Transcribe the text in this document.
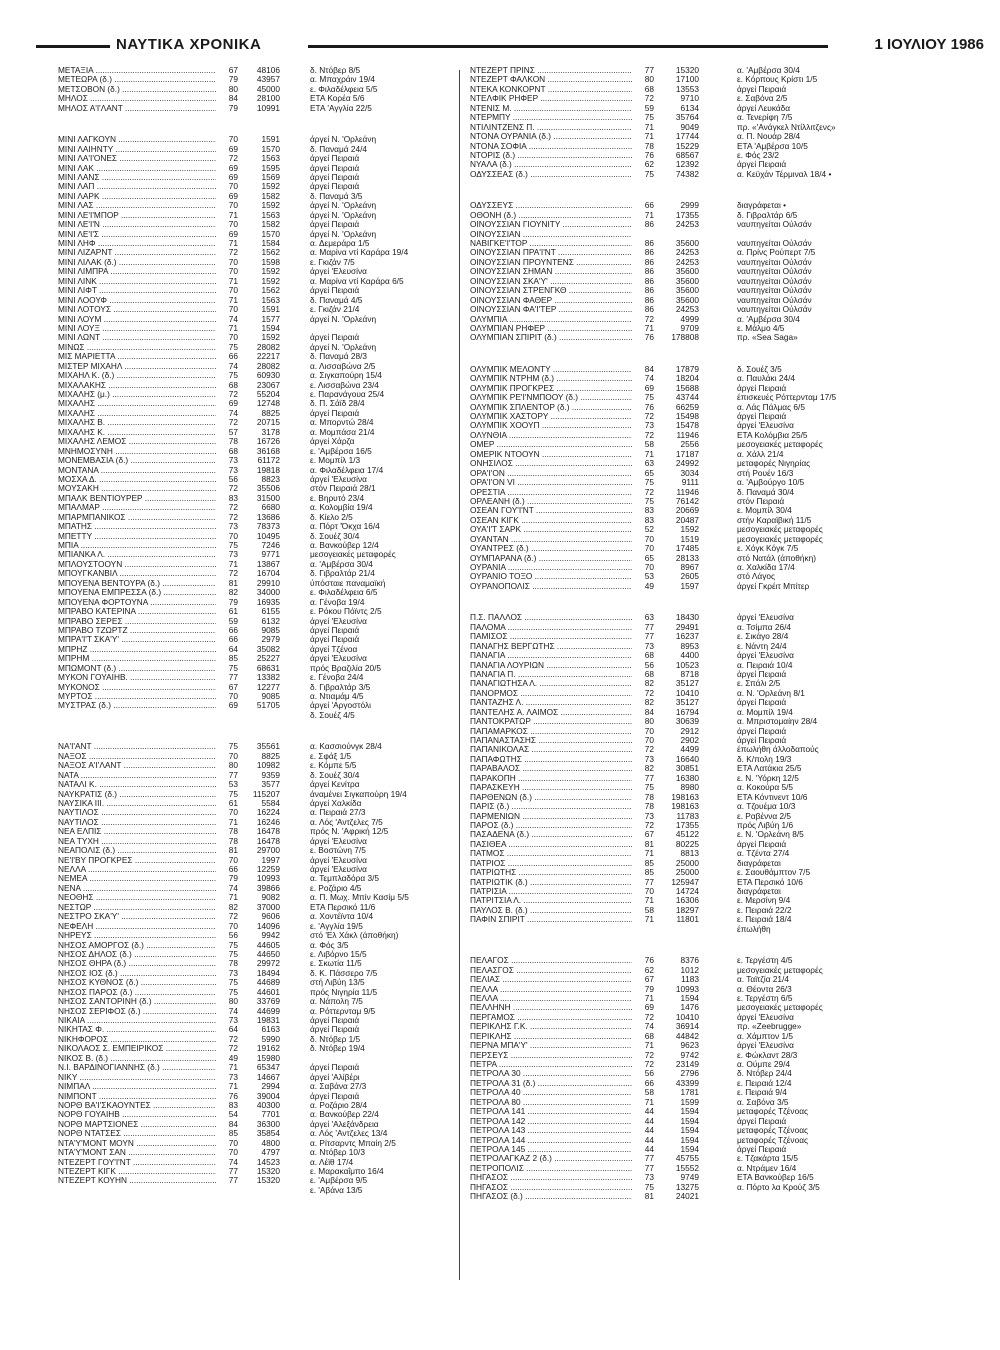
ΝΑΥΤΙΚΑ ΧΡΟΝΙΚΑ	1 ΙΟΥΛΙΟΥ 1986
ΜΕΤΑΞΙΑ .....	67	48106	δ. Ντόβερ 8/5
ΜΕΤΕΩΡΑ (δ.) .....	79	43957	α. Μπαχράιν 19/4
ΜΕΤΣΟΒΟΝ (δ.) .....	80	45000	ε. Φιλαδέλφεια 5/5
ΜΗΛΟΣ .....	84	28100	ΕΤΑ Κορέα 5/6
ΜΗΛΟΣ Α'Ι'ΛΑΝΤ .....	79	10991	ΕΤΑ 'Αγγλία 22/5
ΜΙΝΙ ΛΑΓΚΟΥΝ .....	70	1591	άργεί Ν. 'Ορλεάνη
ΜΙΝΙ ΛΑΙΗΝΤΥ .....	69	1570	δ. Παναμά 24/4
ΜΙΝΙ ΛΑ'Ι'ΟΝΕΣ .....	72	1563	άργεί Πειραιά
ΜΙΝΙ ΛΑΚ .....	69	1595	άργεί Πειραιά
ΜΙΝΙ ΛΑΝΣ .....	69	1569	άργεί Πειραιά
ΜΙΝΙ ΛΑΠ .....	70	1592	άργεί Πειραιά
ΜΙΝΙ ΛΑΡΚ .....	69	1582	δ. Παναμά 3/5
ΜΙΝΙ ΛΑΣ .....	70	1592	άργεί Ν. 'Ορλεάνη
ΜΙΝΙ ΛΕ'Ι'ΜΠΟΡ .....	71	1563	άργεί Ν. 'Ορλεάνη
ΜΙΝΙ ΛΕ'Ι'Ν .....	70	1582	άργεί Πειραιά
ΜΙΝΙ ΛΕ'Ι'Σ .....	69	1570	άργεί Ν. 'Ορλεάνη
ΜΙΝΙ ΛΗΦ .....	71	1584	α. Δεμεράρα 1/5
ΜΙΝΙ ΛΙΖΑΡΝΤ .....	72	1562	α. Μαρίνα ντί Καράρα 19/4
ΜΙΝΙ ΛΙΛΑΚ (δ.) .....	70	1598	ε. Γκιζάν 7/5
ΜΙΝΙ ΛΙΜΠΡΑ .....	70	1592	άργεί 'Ελευσίνα
ΜΙΝΙ ΛΙΝΚ .....	71	1592	α. Μαρίνα ντί Καράρα 6/5
ΜΙΝΙ ΛΙΦΤ .....	70	1562	άργεί Πειραιά
ΜΙΝΙ ΛΟΟΥΦ .....	71	1563	δ. Παναμά 4/5
ΜΙΝΙ ΛΟΤΟΥΣ .....	70	1591	ε. Γκιζάν 21/4
ΜΙΝΙ ΛΟΥΜ .....	74	1577	άργεί Ν. 'Ορλεάνη
ΜΙΝΙ ΛΟΥΞ .....	71	1594
ΜΙΝΙ ΛΩΝΤ .....	70	1592	άργεί Πειραιά
ΜΙΝΩΣ .....	75	28082	άργεί Ν. 'Ορλεάνη
ΜΙΣ ΜΑΡΙΕΤΤΑ .....	66	22217	δ. Παναμά 28/3
ΜΙΣΤΕΡ ΜΙΧΑΗΛ .....	74	28082	α. Λισσαβώνα 2/5
ΜΙΧΑΗΛ Κ. (δ.) .....	75	60930	α. Σιγκαπούρη 15/4
ΜΙΧΑΛΑΚΗΣ .....	68	23067	ε. Λισσαβώνα 23/4
ΜΙΧΑΛΗΣ (μ.) .....	72	55204	ε. Παρανάγουα 25/4
ΜΙΧΑΛΗΣ .....	69	12748	δ. Π. Σάϊδ 28/4
ΜΙΧΑΛΗΣ .....	74	8825	άργεί Πειραιά
ΜΙΧΑΛΗΣ Β. .....	72	20715	α. Μπορντώ 28/4
ΜΙΧΑΛΗΣ Κ. .....	57	3178	α. Μομπάσα 21/4
ΜΙΧΑΛΗΣ ΛΕΜΟΣ .....	78	16726	άργεί Χάρζα
ΜΝΗΜΟΣΥΝΗ .....	68	36168	ε. 'Αμβέρσα 16/5
ΜΟΝΕΜΒΑΣΙΑ (δ.) .....	73	61172	ε. Μομπίλ 1/3
ΜΟΝΤΑΝΑ .....	73	19818	α. Φιλαδέλφεια 17/4
ΜΟΣΧΑ Δ. .....	56	8823	άργεί 'Ελευσίνα
ΜΟΥΣΑΚΗ .....	72	35506	στόν Πειραιά 28/1
ΜΠΑΛΚ ΒΕΝΤΙΟΥΡΕΡ .....	83	31500	ε. Βηρυτό 23/4
ΜΠΑΛΜΑΡ .....	72	6680	α. Κολομβία 19/4
ΜΠΑΡΜΠΑΝΙΚΟΣ .....	72	13686	δ. Κίελο 2/5
ΜΠΑΤΗΣ .....	73	78373	α. Πόρτ 'Όκχα 16/4
ΜΠΕΤΤΥ .....	70	10495	δ. Σουέζ 30/4
ΜΠΙΑ .....	75	7246	α. Βανκούβερ 12/4
ΜΠΙΑΝΚΑ Λ. .....	73	9771	μεσογειακές μεταφορές
ΜΠΛΟΥΣΤΟΟΥΝ .....	71	13867	α. 'Αμβέρσα 30/4
ΜΠΟΥΓΚΑΝΒΙΛ .....	72	16704	δ. Γιβραλτάρ 21/4
ΜΠΟΥΕΝΑ ΒΕΝΤΟΥΡΑ (δ.) .....	81	29910	ύπόσταιε παναμαϊκή
ΜΠΟΥΕΝΑ ΕΜΠΡΕΣΣΑ (δ.) .....	82	34000	ε. Φιλαδέλφεια 6/5
ΜΠΟΥΕΝΑ ΦΟΡΤΟΥΝΑ .....	79	16935	α. Γένοβα 19/4
ΜΠΡΑΒΟ ΚΑΤΕΡΙΝΑ .....	61	6155	ε. Ρόκου Πόϊντς 2/5
ΜΠΡΑΒΟ ΣΕΡΕΣ .....	59	6132	άργεί 'Ελευσίνα
ΜΠΡΑΒΟ ΤΖΩΡΤΖ .....	66	9085	άργεί Πειραιά
ΜΠΡΑ'Ι'Τ ΣΚΑ'Υ' .....	66	2979	άργεί Πειραιά
ΜΠΡΗΖ .....	64	35082	άργεί Τζένοα
ΜΠΡΗΜ .....	85	25227	άργεί 'Ελευσίνα
ΜΠΩΜΟΝΤ (δ.) .....	75	68631	πρός Βραζιλία 20/5
ΜΥΚΟΝ ΓΟΥΑΙΗΒ. .....	77	13382	ε. Γένοβα 24/4
ΜΥΚΟΝΟΣ .....	67	12277	δ. Γιβραλτάρ 3/5
ΜΥΡΤΟΣ .....	70	9085	α. Ντιαμάμ 4/5
ΜΥΣΤΡΑΣ (δ.) .....	69	51705	άργεί 'Αργοστόλι
δ. Σουέζ 4/5
ΝΑ'Ι'ΑΝΤ .....	75	35561	α. Κασσιούνγκ 28/4
ΝΑΞΟΣ .....	70	8825	ε. Σφάξ 1/5
ΝΑΞΟΣ Α'Ι'ΛΑΝΤ .....	80	10982	ε. Κόμπε 5/5
ΝΑΤΑ .....	77	9359	δ. Σουέζ 30/4
ΝΑΤΑΛΙ Κ. .....	53	3577	άργεί Κενίτρα
ΝΑΥΚΡΑΤΙΣ (δ.) .....	75	115207	άναμένει Σιγκαπούρη 19/4
ΝΑΥΣΙΚΑ ΙΙΙ. .....	61	5584	άργεί Χαλκίδα
ΝΑΥΤΙΛΟΣ .....	70	16224	α. Πειραιά 27/3
ΝΑΥΤΙΛΟΣ .....	71	16246	α. Λός 'Αντζελες 7/5
ΝΕΑ ΕΛΠΙΣ .....	78	16478	πρός Ν. 'Αφρική 12/5
ΝΕΑ ΤΥΧΗ .....	78	16478	άργεί 'Ελευσίνα
ΝΕΑΠΟΛΙΣ (δ.) .....	81	29700	ε. Βοστώνη 7/5
ΝΕ'Ι'ΒΥ ΠΡΟΓΚΡΕΣ .....	70	1997	άργεί 'Ελευσίνα
ΝΕΛΛΑ .....	66	12259	άργεί 'Ελευσίνα
ΝΕΜΕΑ .....	79	10993	α. Τεμπλαδόρα 3/5
ΝΕΝΑ .....	74	39866	ε. Ροζάριο 4/5
ΝΕΟΘΗΣ .....	71	9082	α. Π. Μωχ. Μπίν Κασίμ 5/5
ΝΕΣΤΩΡ .....	82	37000	ΕΤΑ Περσικό 11/6
ΝΕΣΤΡΟ ΣΚΑ'Υ' .....	72	9606	α. Χοντέϊντα 10/4
ΝΕΦΕΛΗ .....	70	14096	ε. 'Αγγλία 19/5
ΝΗΡΕΥΣ .....	56	9942	στό 'Ελ Χάκλ (άποθήκη)
ΝΗΣΟΣ ΑΜΟΡΓΟΣ (δ.) .....	75	44605	α. Φός 3/5
ΝΗΣΟΣ ΔΗΛΟΣ (δ.) .....	75	44650	ε. Λιβόρνο 15/5
ΝΗΣΟΣ ΘΗΡΑ (δ.) .....	78	29972	ε. Σκωτία 11/5
ΝΗΣΟΣ ΙΟΣ (δ.) .....	73	18494	δ. Κ. Πάσσερο 7/5
ΝΗΣΟΣ ΚΥΘΝΟΣ (δ.) .....	75	44689	στή Λιβύη 13/5
ΝΗΣΟΣ ΠΑΡΟΣ (δ.) .....	75	44601	πρός Νιγηρία 11/5
ΝΗΣΟΣ ΣΑΝΤΟΡΙΝΗ (δ.) .....	80	33769	α. Νάπολη 7/5
ΝΗΣΟΣ ΣΕΡΙΦΟΣ (δ.) .....	74	44699	α. Ρόττερνταμ 9/5
ΝΙΚΑΙΑ .....	73	19831	άργεί Πειραιά
ΝΙΚΗΤΑΣ Φ. .....	64	6163	άργεί Πειραιά
ΝΙΚΗΦΟΡΟΣ .....	72	5990	δ. Ντόβερ 1/5
ΝΙΚΟΛΑΟΣ Σ. ΕΜΠΕΙΡΙΚΟΣ .....	72	19162	δ. Ντόβερ 19/4
ΝΙΚΟΣ Β. (δ.) .....	49	15980
Ν.Ι. ΒΑΡΔΙΝΟΓΙΑΝΝΗΣ (δ.) .....	71	65347	άργεί Πειραιά
ΝΙΚΥ .....	73	14667	άργεί 'Αλίβέρι
ΝΙΜΠΑΛ .....	71	2994	α. Σαβάνα 27/3
ΝΙΜΠΟΝΤ .....	76	39004	άργεί Πειραιά
ΝΟΡΘ ΒΑ'Ι'ΣΚΑΟΥΝΤΕΣ .....	83	40300	α. Ροζάριο 28/4
ΝΟΡΘ ΓΟΥΑΙΗΒ .....	54	7701	α. Βανκούβερ 22/4
ΝΟΡΘ ΜΑΡΤΣΙΟΝΕΣ .....	84	36300	άργεί 'Αλεξάνδρεια
ΝΟΡΘ ΝΤΑΤΣΕΣ .....	85	35854	α. Λός 'Αντζελες 13/4
ΝΤΑ'Υ'ΜΟΝΤ ΜΟΥΝ .....	70	4800	α. Ρίτσαρντς Μπαίη 2/5
ΝΤΑ'Υ'ΜΟΝΤ ΣΑΝ .....	70	4797	α. Ντόβερ 10/3
ΝΤΕΖΕΡΤ ΓΟΥ'Ι'ΝΤ .....	74	14523	α. Λέϊθ 17/4
ΝΤΕΖΕΡΤ ΚΙΓΚ .....	77	15320	ε. Μαρακαΐμπο 16/4
ΝΤΕΖΕΡΤ ΚΟΥΗΝ .....	77	15320	ε. 'Αμβέρσα 9/5
ε. 'Αβάνα 13/5
ΝΤΕΖΕΡΤ ΠΡΙΝΣ .....	77	15320	α. 'Αμβέρσα 30/4
ΝΤΕΖΕΡΤ ΦΑΛΚΟΝ .....	80	17100	ε. Κόρπους Κρίστι 1/5
ΝΤΕΚΑ ΚΟΝΚΟΡΝΤ .....	68	13553	άργεί Πειραιά
ΝΤΕΛΦΙΚ ΡΗΦΕΡ .....	72	9710	ε. Σαβόνα 2/5
ΝΤΕΝΙΣ Μ. .....	59	6134	άργεί Λευκάδα
ΝΤΕΡΜΠΥ .....	75	35764	α. Τενερίφη 7/5
ΝΤΙΛΙΝΤΖΕΝΣ Π. .....	71	9049	πρ. «'Ανάγκελ Ντίλλιτζενς»
ΝΤΟΝΑ ΟΥΡΑΝΙΑ (δ.) .....	71	17744	α. Π. Νουάρ 28/4
ΝΤΟΝΑ ΣΟΦΙΑ .....	78	15229	ΕΤΑ 'Αμβέρσα 10/5
ΝΤΟΡΙΣ (δ.) .....	76	68567	ε. Φός 23/2
ΝΥΑΛΑ (δ.) .....	62	12392	άργεί Πειραιά
ΟΔΥΣΣΕΑΣ (δ.) .....	75	74382	α. Κεϋχάν Τέρμιναλ 18/4 •
ΟΔΥΣΣΕΥΣ .....	66	2999	διαγράφεται •
ΟΘΟΝΗ (δ.) .....	71	17355	δ. Γιβραλτάρ 6/5
ΟΙΝΟΥΣΣΙΑΝ ΓΙΟΥΝΙΤΥ .....	86	24253	ναυπηγείται Ούλσάν
ΟΙΝΟΥΣΣΙΑΝ .....
ΝΑΒΙΓΚΕ'Ι'ΤΟΡ .....	86	35600	ναυπηγείται Ούλσάν
ΟΙΝΟΥΣΣΙΑΝ ΠΡΑ'Ι'ΝΤ .....	86	24253	α. Πρίνς Ρούπερτ 7/5
ΟΙΝΟΥΣΣΙΑΝ ΠΡΟΥΝΤΕΝΣ .....	86	24253	ναυπηγείται Ούλσάν
ΟΙΝΟΥΣΣΙΑΝ ΣΗΜΑΝ .....	86	35600	ναυπηγείται Ούλσάν
ΟΙΝΟΥΣΣΙΑΝ ΣΚΑ'Υ' .....	86	35600	ναυπηγείται Ούλσάν
ΟΙΝΟΥΣΣΙΑΝ ΣΤΡΕΝΓΚΘ .....	86	35600	ναυπηγείται Ούλσάν
ΟΙΝΟΥΣΣΙΑΝ ΦΑΘΕΡ .....	86	35600	ναυπηγείται Ούλσάν
ΟΙΝΟΥΣΣΙΑΝ ΦΑ'Ι'ΤΕΡ .....	86	24253	ναυπηγείται Ούλσάν
ΟΛΥΜΠΙΑ .....	72	4999	α. 'Αμβέρσα 30/4
ΟΛΥΜΠΙΑΝ ΡΗΦΕΡ .....	71	9709	ε. Μάλμο 4/5
ΟΛΥΜΠΙΑΝ ΣΠΙΡΙΤ (δ.) .....	76	178808	πρ. «Sea Saga»
ΟΛΥΜΠΙΚ ΜΕΛΟΝΤΥ .....	84	17879	δ. Σουέζ 3/5
ΟΛΥΜΠΙΚ ΝΤΡΗΜ (δ.) .....	74	18204	α. Παυλάκι 24/4
ΟΛΥΜΠΙΚ ΠΡΟΓΚΡΕΣ .....	69	15688	άργεί Πειραιά
ΟΛΥΜΠΙΚ ΡΕ'Ι'ΝΜΠΟΟΥ (δ.) .....	75	43744	έπισκευές Ρόττερνταμ 17/5
ΟΛΥΜΠΙΚ ΣΠΛΕΝΤΟΡ (δ.) .....	76	66259	α. Λάς Πάλμας 6/5
ΟΛΥΜΠΙΚ ΧΑΣΤΟΡΥ .....	72	15498	άργεί Πειραιά
ΟΛΥΜΠΙΚ ΧΟΟΥΠ .....	73	15478	άργεί 'Ελευσίνα
ΟΛΥΝΘΙΑ .....	72	11946	ΕΤΑ Κολόμβια 25/5
ΟΜΕΡ .....	58	2556	μεσογειακές μεταφορές
ΟΜΕΡΙΚ ΝΤΟΟΥΝ .....	71	17187	α. Χάλλ 21/4
ΟΝΗΣΙΛΟΣ .....	63	24992	μεταφορές Νιγηρίας
ΟΡΑ'Ι'ΟΝ .....	65	3034	στή Ρουέν 16/3
ΟΡΑ'Ι'ΟΝ VI .....	75	9111	α. 'Αμβούργο 10/5
ΟΡΕΣΤΙΑ .....	72	11946	δ. Παναμά 30/4
ΟΡΛΕΑΝΗ (δ.) .....	75	76142	στόν Πειραιά
ΟΣΕΑΝ ΓΟΥ'Ι'ΝΤ .....	83	20669	ε. Μομπίλ 30/4
ΟΣΕΑΝ ΚΙΓΚ .....	83	20487	στήν Καραϊβική 11/5
ΟΥΑ'Ι'Τ ΣΑΡΚ .....	52	1592	μεσογειακές μεταφορές
ΟΥΑΝΤΑΝ .....	70	1519	μεσογειακές μεταφορές
ΟΥΑΝΤΡΕΣ (δ.) .....	70	17485	ε. Χόγκ Κόγκ 7/5
ΟΥΜΠΑΡΑΝΑ (δ.) .....	65	28133	στό Νατάλ (άποθήκη)
ΟΥΡΑΝΙΑ .....	70	8967	α. Χαλκίδα 17/4
ΟΥΡΑΝΙΟ ΤΟΞΟ .....	53	2605	στό Λάγος
ΟΥΡΑΝΟΠΟΛΙΣ .....	49	1597	άργεί Γκρέιτ Μπίτερ
Π.Σ. ΠΑΛΛΟΣ .....	63	18430	άργεί 'Ελευσίνα
ΠΑΛΟΜΑ .....	77	29491	α. Τσίμπα 26/4
ΠΑΜΙΣΟΣ .....	77	16237	ε. Σικάγο 28/4
ΠΑΝΑΓΗΣ ΒΕΡΓΩΤΗΣ .....	73	8953	ε. Νάντη 24/4
ΠΑΝΑΓΙΑ .....	68	4400	άργεί 'Ελευσίνα
ΠΑΝΑΓΙΑ ΛΟΥΡΙΩΝ .....	56	10523	α. Πειραιά 10/4
ΠΑΝΑΓΙΑ Π. .....	68	8718	άργεί Πειραιά
ΠΑΝΑΓΙΩΤΗΣΑ Λ. .....	82	35127	ε. Σπάλι 2/5
ΠΑΝΟΡΜΟΣ .....	72	10410	α. Ν. 'Ορλεάνη 8/1
ΠΑΝΤΑΖΗΣ Λ. .....	82	35127	άργεί Πειραιά
ΠΑΝΤΕΛΗΣ Α. ΛΑΙΜΟΣ .....	84	16794	α. Μομπίλ 19/4
ΠΑΝΤΟΚΡΑΤΩΡ .....	80	30639	α. Μπριστομαίην 28/4
ΠΑΠΑΜΑΡΚΟΣ .....	70	2912	άργεί Πειραιά
ΠΑΠΑΝΑΣΤΑΣΗΣ .....	70	2902	άργεί Πειραιά
ΠΑΠΑΝΙΚΟΛΑΣ .....	72	4499	έπωλήθη άλλοδαπούς
ΠΑΠΑΦΩΤΗΣ .....	73	16640	δ. Κ/πολη 19/3
ΠΑΡΑΒΑΛΟΣ .....	82	30851	ΕΤΑ Λατάκια 25/5
ΠΑΡΑΚΟΠΗ .....	77	16380	ε. Ν. 'Υόρκη 12/5
ΠΑΡΑΣΚΕΥΗ .....	75	8980	α. Κοκούρα 5/5
ΠΑΡΘΕΝΩΝ (δ.) .....	78	198163	ΕΤΑ Κόντινεντ 10/6
ΠΑΡΙΣ (δ.) .....	78	198163	α. Τζουέμα 10/3
ΠΑΡΜΕΝΙΩΝ .....	73	11783	ε. Ραβέννα 2/5
ΠΑΡΟΣ (δ.) .....	72	17355	πρός Λιβύη 1/6
ΠΑΣΑΔΕΝΑ (δ.) .....	67	45122	ε. Ν. 'Ορλεάνη 8/5
ΠΑΣΙΘΕΑ .....	81	80225	άργεί Πειραιά
ΠΑΤΜΟΣ .....	71	8813	α. Τζέντα 27/4
ΠΑΤΡΙΟΣ .....	85	25000	διαγράφεται
ΠΑΤΡΙΩΤΗΣ .....	85	25000	ε. Σαουθάμπτον 7/5
ΠΑΤΡΙΩΤΙΚ (δ.) .....	77	125947	ΕΤΑ Περσικό 10/6
ΠΑΤΡΙΣΙΑ .....	70	14724	διαγράφεται
ΠΑΤΡΙΤΣΙΑ Λ. .....	71	16306	ε. Μερσίνη 9/4
ΠΑΥΛΟΣ Β. (δ.) .....	58	18297	ε. Πειραιά 22/2
ΠΑΦΙΝ ΣΠΙΡΙΤ .....	71	11801	ε. Πειραιά 18/4
έπωλήθη
ΠΕΛΑΓΟΣ .....	76	8376	ε. Τεργέστη 4/5
ΠΕΛΑΣΓΟΣ .....	62	1012	μεσογειακές μεταφορές
ΠΕΛΙΑΣ .....	67	1183	α. Ταϊτζία 21/4
ΠΕΛΛΑ .....	79	10993	α. Θέοντα 26/3
ΠΕΛΛΑ .....	71	1594	ε. Τεργέστη 6/5
ΠΕΛΛΗΝΗ .....	69	1476	μεσογειακές μεταφορές
ΠΕΡΓΑΜΟΣ .....	72	10410	άργεί 'Ελευσίνα
ΠΕΡΙΚΛΗΣ Γ.Κ. .....	74	36914	πρ. «Zeebrugge»
ΠΕΡΙΚΛΗΣ .....	68	44842	α. Χάμπτον 1/5
ΠΕΡΝΑ ΜΠΑ'Υ' .....	71	9623	άργεί 'Ελευσίνα
ΠΕΡΣΕΥΣ .....	72	9742	ε. Φώκλαντ 28/3
ΠΕΤΡΑ .....	72	23149	α. Ούμπε 29/4
ΠΕΤΡΟΛΑ 30 .....	56	2796	δ. Ντόβερ 24/4
ΠΕΤΡΟΛΑ 31 (δ.) .....	66	43399	ε. Πειραιά 12/4
ΠΕΤΡΟΛΑ 40 .....	58	1781	ε. Πειραιά 9/4
ΠΕΤΡΟΛΑ 80 .....	71	1599	α. Σαβόνα 3/5
ΠΕΤΡΟΛΑ 141 .....	44	1594	μεταφορές Τζένοας
ΠΕΤΡΟΛΑ 142 .....	44	1594	άργεί Πειραιά
ΠΕΤΡΟΛΑ 143 .....	44	1594	μεταφορές Τζένοας
ΠΕΤΡΟΛΑ 144 .....	44	1594	μεταφορές Τζένοας
ΠΕΤΡΟΛΑ 145 .....	44	1594	άργεί Πειραιά
ΠΕΤΡΟΛΑΓΚΑΖ 2 (δ.) .....	77	45755	ε. Τζακάρτα 15/5
ΠΕΤΡΟΠΟΛΙΣ .....	77	15552	α. Ντράμεν 16/4
ΠΗΓΑΣΟΣ .....	73	9749	ΕΤΑ Βανκούβερ 16/5
ΠΗΓΑΣΟΣ .....	75	13275	α. Πόρτο λα Κρούζ 3/5
ΠΗΓΑΣΟΣ (δ.) .....	81	24021
